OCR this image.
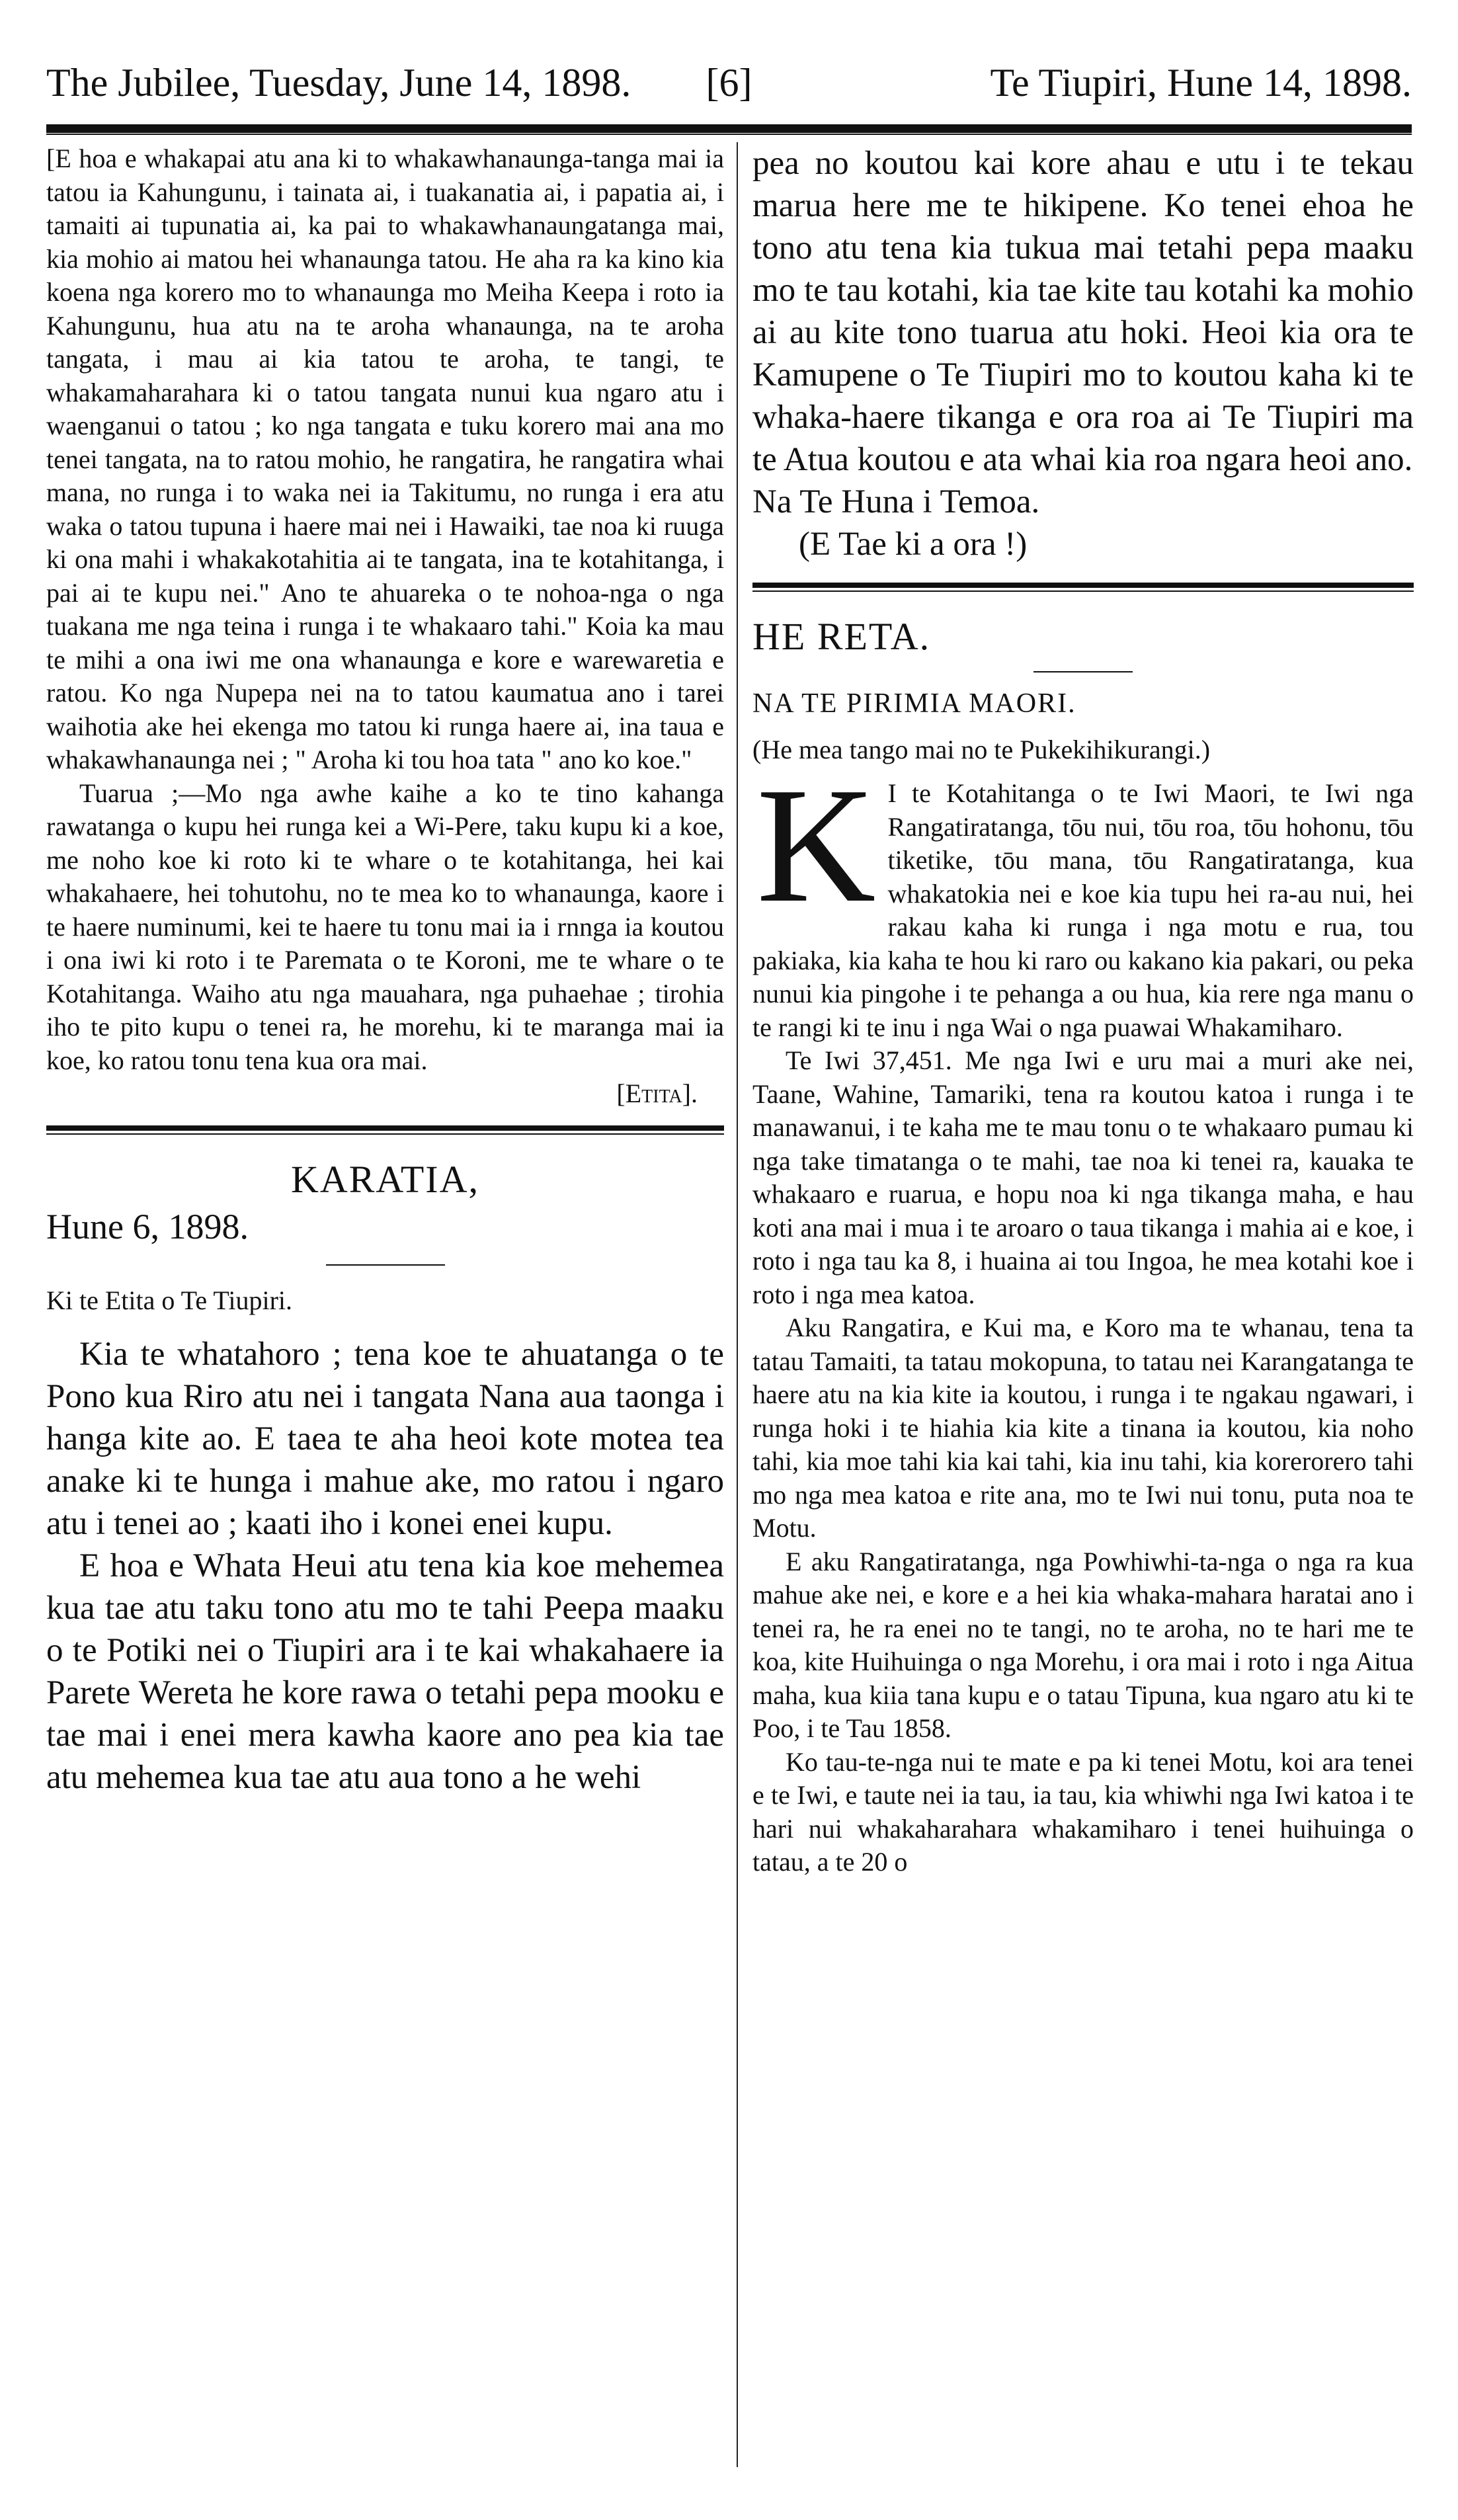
The Jubilee, Tuesday, June 14, 1898.	[6]	Te Tiupiri, Hune 14, 1898.

[E hoa e whakapai atu ana ki to whakawhanaunga-tanga mai ia tatou ia Kahungunu, i tainata ai, i tuakanatia ai, i papatia ai, i tamaiti ai tupunatia ai, ka pai to whakawhanaungatanga mai, kia mohio ai matou hei whanaunga tatou. He aha ra ka kino kia koena nga korero mo to whanaunga mo Meiha Keepa i roto ia Kahungunu, hua atu na te aroha whanaunga, na te aroha tangata, i mau ai kia tatou te aroha, te tangi, te whakamaharahara ki o tatou tangata nunui kua ngaro atu i waenganui o tatou ; ko nga tangata e tuku korero mai ana mo tenei tangata, na to ratou mohio, he rangatira, he rangatira whai mana, no runga i to waka nei ia Takitumu, no runga i era atu waka o tatou tupuna i haere mai nei i Hawaiki, tae noa ki ruuga ki ona mahi i whakakotahitia ai te tangata, ina te kotahitanga, i pai ai te kupu nei." Ano te ahuareka o te nohoa-nga o nga tuakana me nga teina i runga i te whakaaro tahi." Koia ka mau te mihi a ona iwi me ona whanaunga e kore e warewaretia e ratou. Ko nga Nupepa nei na to tatou kaumatua ano i tarei waihotia ake hei ekenga mo tatou ki runga haere ai, ina taua e whakawhanaunga nei ; " Aroha ki tou hoa tata " ano ko koe."

Tuarua ;—Mo nga awhe kaihe a ko te tino kahanga rawatanga o kupu hei runga kei a Wi-Pere, taku kupu ki a koe, me noho koe ki roto ki te whare o te kotahitanga, hei kai whakahaere, hei tohutohu, no te mea ko to whanaunga, kaore i te haere numinumi, kei te haere tu tonu mai ia i rnnga ia koutou i ona iwi ki roto i te Paremata o te Koroni, me te whare o te Kotahitanga. Waiho atu nga mauahara, nga puhaehae ; tirohia iho te pito kupu o tenei ra, he morehu, ki te maranga mai ia koe, ko ratou tonu tena kua ora mai.

[Etita].

KARATIA,

Hune 6, 1898.

Ki te Etita o Te Tiupiri.

Kia te whatahoro ; tena koe te ahuatanga o te Pono kua Riro atu nei i tangata Nana aua taonga i hanga kite ao. E taea te aha heoi kote motea tea anake ki te hunga i mahue ake, mo ratou i ngaro atu i tenei ao ; kaati iho i konei enei kupu.

E hoa e Whata Heui atu tena kia koe mehemea kua tae atu taku tono atu mo te tahi Peepa maaku o te Potiki nei o Tiupiri ara i te kai whakahaere ia Parete Wereta he kore rawa o tetahi pepa mooku e tae mai i enei mera kawha kaore ano pea kia tae atu mehemea kua tae atu aua tono a he wehi

pea no koutou kai kore ahau e utu i te tekau marua here me te hikipene. Ko tenei ehoa he tono atu tena kia tukua mai tetahi pepa maaku mo te tau kotahi, kia tae kite tau kotahi ka mohio ai au kite tono tuarua atu hoki. Heoi kia ora te Kamupene o Te Tiupiri mo to koutou kaha ki te whaka-haere tikanga e ora roa ai Te Tiupiri ma te Atua koutou e ata whai kia roa ngara heoi ano.

Na Te Huna i Temoa.

(E Tae ki a ora !)

HE RETA.

NA TE PIRIMIA MAORI.

(He mea tango mai no te Pukekihikurangi.)

K I te Kotahitanga o te Iwi Maori, te Iwi nga Rangatiratanga, tōu nui, tōu roa, tōu hohonu, tōu tiketike, tōu mana, tōu Rangatiratanga, kua whakatokia nei e koe kia tupu hei ra-au nui, hei rakau kaha ki runga i nga motu e rua, tou pakiaka, kia kaha te hou ki raro ou kakano kia pakari, ou peka nunui kia pingohe i te pehanga a ou hua, kia rere nga manu o te rangi ki te inu i nga Wai o nga puawai Whakamiharo.

Te Iwi 37,451. Me nga Iwi e uru mai a muri ake nei, Taane, Wahine, Tamariki, tena ra koutou katoa i runga i te manawanui, i te kaha me te mau tonu o te whakaaro pumau ki nga take timatanga o te mahi, tae noa ki tenei ra, kauaka te whakaaro e ruarua, e hopu noa ki nga tikanga maha, e hau koti ana mai i mua i te aroaro o taua tikanga i mahia ai e koe, i roto i nga tau ka 8, i huaina ai tou Ingoa, he mea kotahi koe i roto i nga mea katoa.

Aku Rangatira, e Kui ma, e Koro ma te whanau, tena ta tatau Tamaiti, ta tatau mokopuna, to tatau nei Karangatanga te haere atu na kia kite ia koutou, i runga i te ngakau ngawari, i runga hoki i te hiahia kia kite a tinana ia koutou, kia noho tahi, kia moe tahi kia kai tahi, kia inu tahi, kia korerorero tahi mo nga mea katoa e rite ana, mo te Iwi nui tonu, puta noa te Motu.

E aku Rangatiratanga, nga Powhiwhi-ta-nga o nga ra kua mahue ake nei, e kore e a hei kia whaka-mahara haratai ano i tenei ra, he ra enei no te tangi, no te aroha, no te hari me te koa, kite Huihuinga o nga Morehu, i ora mai i roto i nga Aitua maha, kua kiia tana kupu e o tatau Tipuna, kua ngaro atu ki te Poo, i te Tau 1858.

Ko tau-te-nga nui te mate e pa ki tenei Motu, koi ara tenei e te Iwi, e taute nei ia tau, ia tau, kia whiwhi nga Iwi katoa i te hari nui whakaharahara whakamiharo i tenei huihuinga o tatau, a te 20 o
